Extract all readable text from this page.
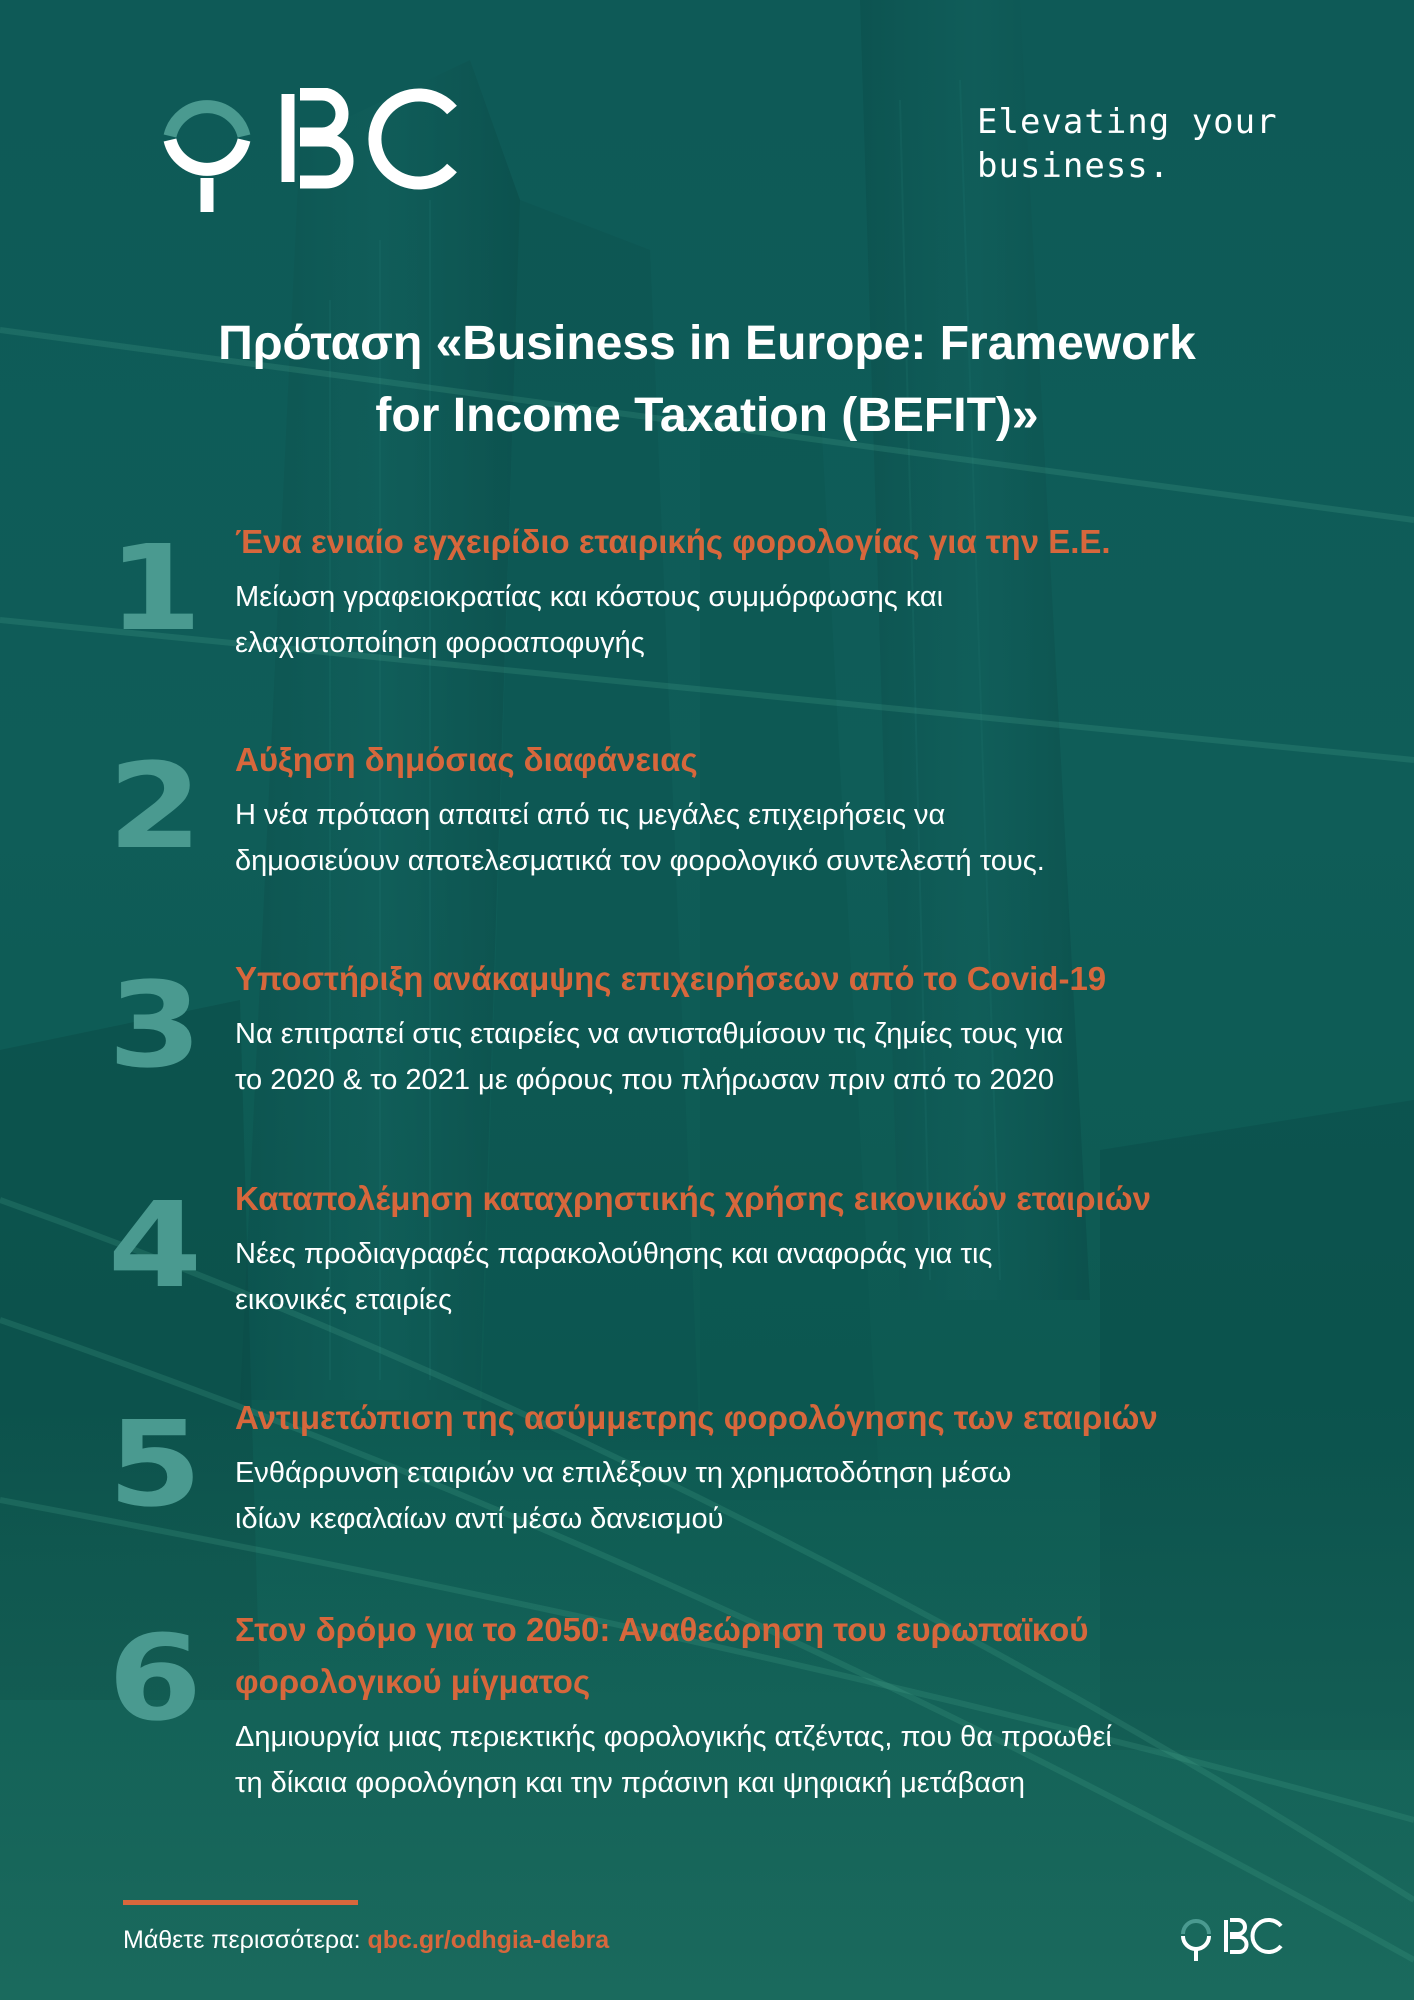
Elevating your
business.
Πρόταση «Business in Europe: Framework
for Income Taxation (BEFIT)»
1 Ένα ενιαίο εγχειρίδιο εταιρικής φορολογίας για την Ε.Ε.
Μείωση γραφειοκρατίας και κόστους συμμόρφωσης και
ελαχιστοποίηση φοροαποφυγής
2 Αύξηση δημόσιας διαφάνειας
Η νέα πρόταση απαιτεί από τις μεγάλες επιχειρήσεις να
δημοσιεύουν αποτελεσματικά τον φορολογικό συντελεστή τους.
3 Υποστήριξη ανάκαμψης επιχειρήσεων από το Covid-19
Να επιτραπεί στις εταιρείες να αντισταθμίσουν τις ζημίες τους για
το 2020 & το 2021 με φόρους που πλήρωσαν πριν από το 2020
4 Καταπολέμηση καταχρηστικής χρήσης εικονικών εταιριών
Νέες προδιαγραφές παρακολούθησης και αναφοράς για τις
εικονικές εταιρίες
5 Αντιμετώπιση της ασύμμετρης φορολόγησης των εταιριών
Ενθάρρυνση εταιριών να επιλέξουν τη χρηματοδότηση μέσω
ιδίων κεφαλαίων αντί μέσω δανεισμού
6 Στον δρόμο για το 2050: Αναθεώρηση του ευρωπαϊκού
φορολογικού μίγματος
Δημιουργία μιας περιεκτικής φορολογικής ατζέντας, που θα προωθεί
τη δίκαια φορολόγηση και την πράσινη και ψηφιακή μετάβαση
Μάθετε περισσότερα: qbc.gr/odhgia-debra
